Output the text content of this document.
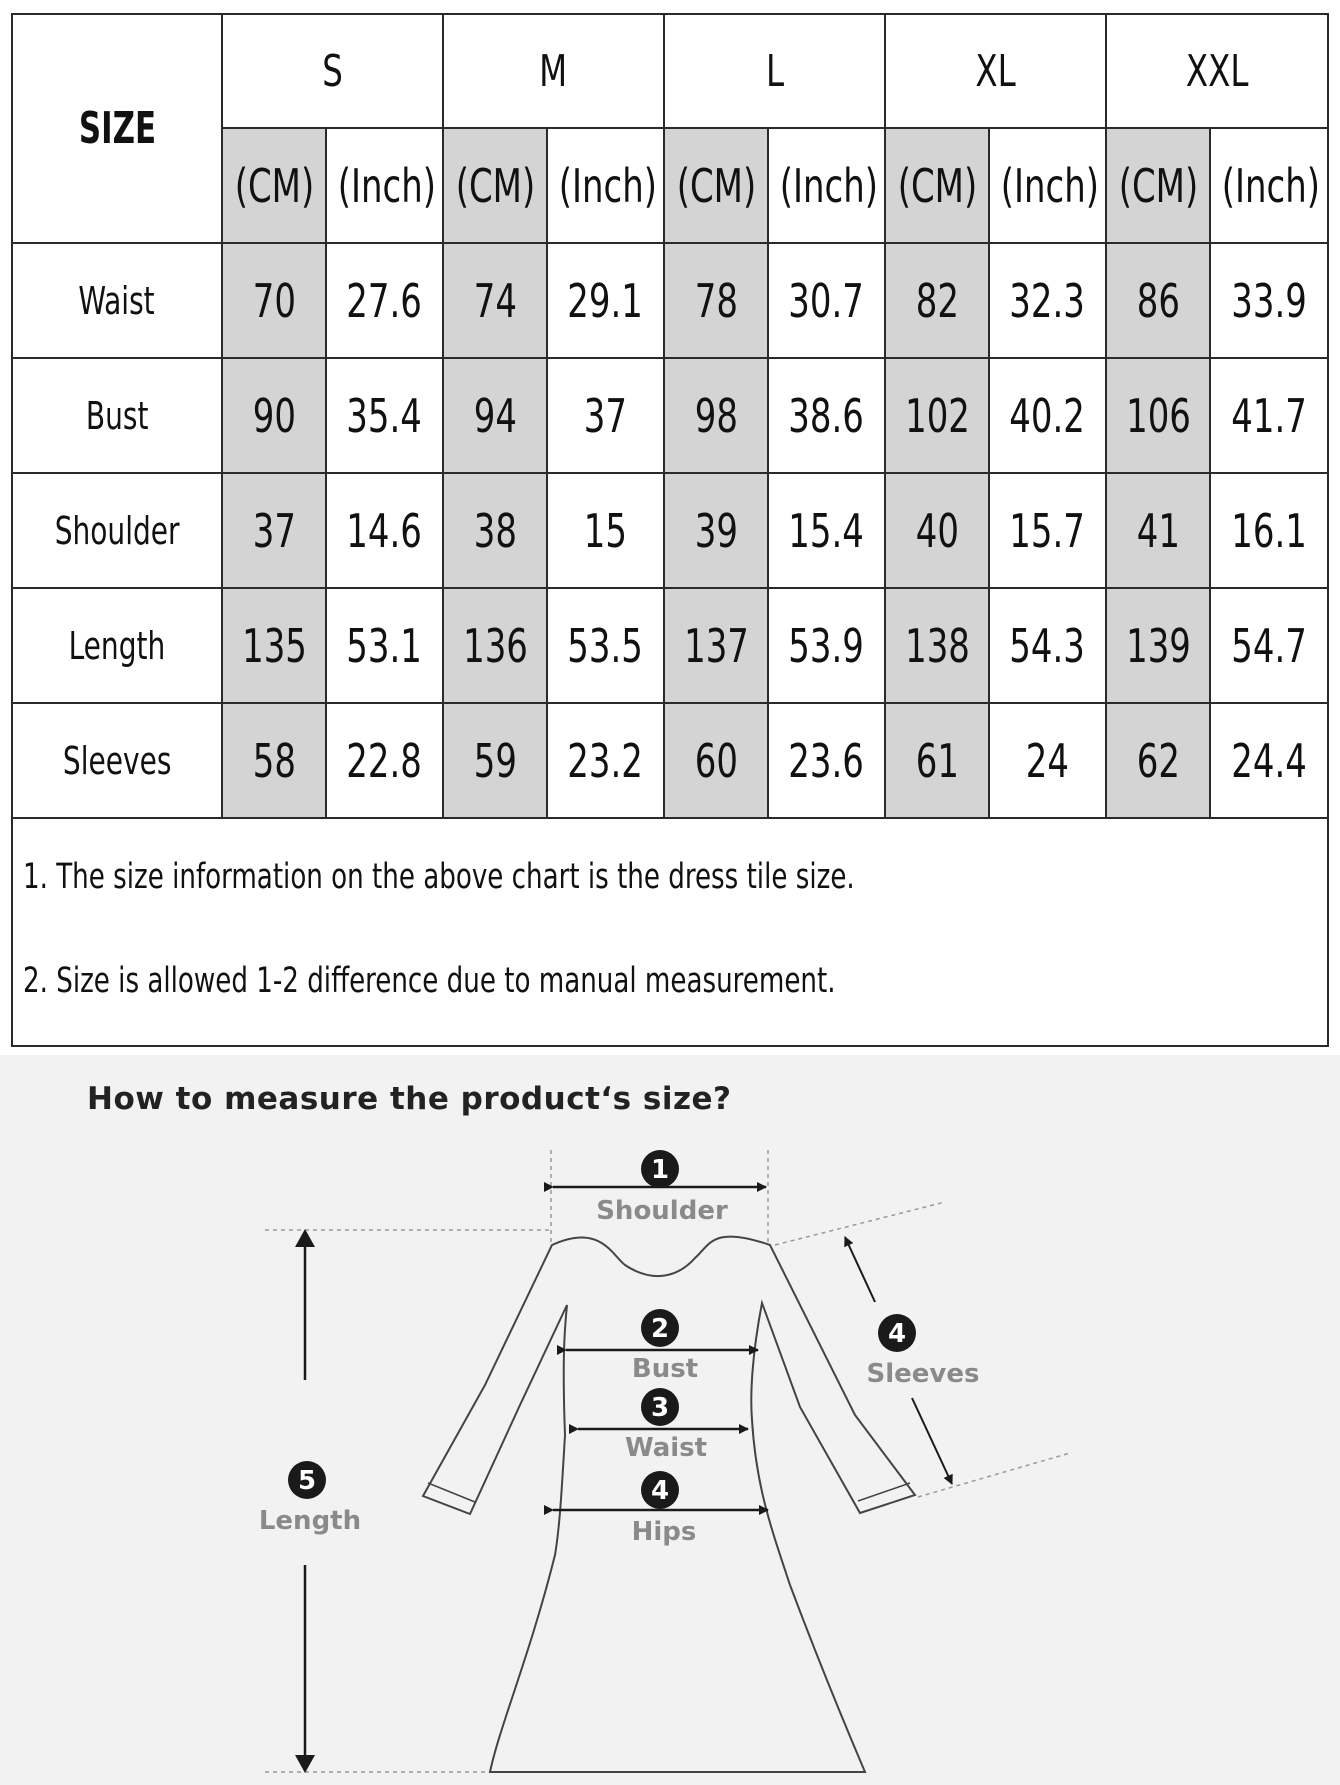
SIZE	S		M		L		XL		XXL	
	(CM)	(Inch)	(CM)	(Inch)	(CM)	(Inch)	(CM)	(Inch)	(CM)	(Inch)
Waist	70	27.6	74	29.1	78	30.7	82	32.3	86	33.9
Bust	90	35.4	94	37	98	38.6	102	40.2	106	41.7
Shoulder	37	14.6	38	15	39	15.4	40	15.7	41	16.1
Length	135	53.1	136	53.5	137	53.9	138	54.3	139	54.7
Sleeves	58	22.8	59	23.2	60	23.6	61	24	62	24.4

1. The size information on the above chart is the dress tile size.
2. Size is allowed 1-2 difference due to manual measurement.										
How to measure the product‘s size?
5
Length
1
Shoulder
2
Bust
3
Waist
4
Hips
4
Sleeves
